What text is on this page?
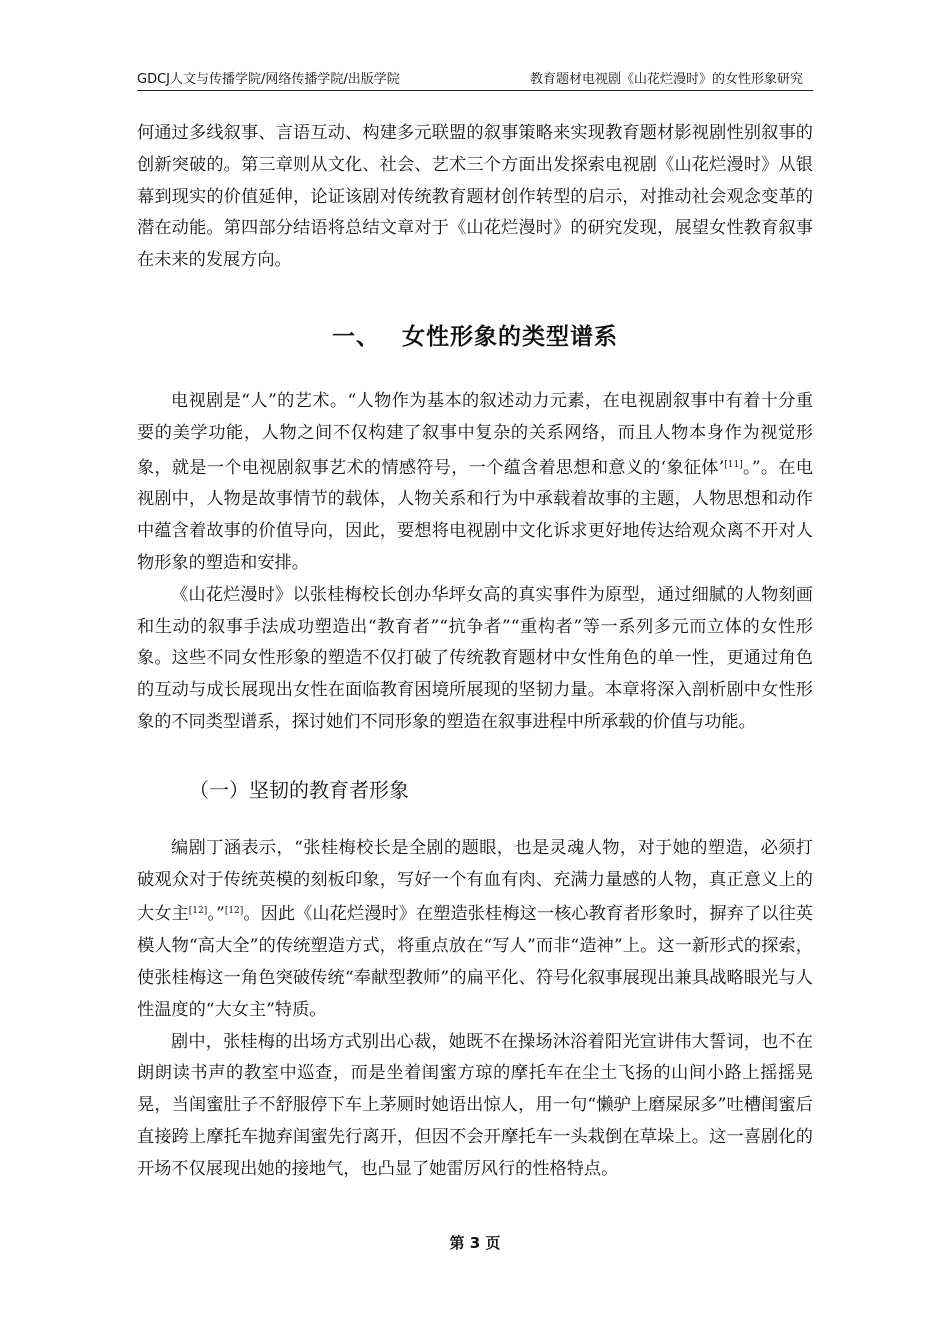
GDCJ人文与传播学院/网络传播学院/出版学院	教育题材电视剧《山花烂漫时》的女性形象研究

何通过多线叙事、言语互动、构建多元联盟的叙事策略来实现教育题材影视剧性别叙事的创新突破的。第三章则从文化、社会、艺术三个方面出发探索电视剧《山花烂漫时》从银幕到现实的价值延伸，论证该剧对传统教育题材创作转型的启示，对推动社会观念变革的潜在动能。第四部分结语将总结文章对于《山花烂漫时》的研究发现，展望女性教育叙事在未来的发展方向。

一、 女性形象的类型谱系

电视剧是“人”的艺术。“人物作为基本的叙述动力元素，在电视剧叙事中有着十分重要的美学功能，人物之间不仅构建了叙事中复杂的关系网络，而且人物本身作为视觉形象，就是一个电视剧叙事艺术的情感符号，一个蕴含着思想和意义的‘象征体’[11]。”。在电视剧中，人物是故事情节的载体，人物关系和行为中承载着故事的主题，人物思想和动作中蕴含着故事的价值导向，因此，要想将电视剧中文化诉求更好地传达给观众离不开对人物形象的塑造和安排。

《山花烂漫时》以张桂梅校长创办华坪女高的真实事件为原型，通过细腻的人物刻画和生动的叙事手法成功塑造出“教育者”“抗争者”“重构者”等一系列多元而立体的女性形象。这些不同女性形象的塑造不仅打破了传统教育题材中女性角色的单一性，更通过角色的互动与成长展现出女性在面临教育困境所展现的坚韧力量。本章将深入剖析剧中女性形象的不同类型谱系，探讨她们不同形象的塑造在叙事进程中所承载的价值与功能。

（一）坚韧的教育者形象

编剧丁涵表示，“张桂梅校长是全剧的题眼，也是灵魂人物，对于她的塑造，必须打破观众对于传统英模的刻板印象，写好一个有血有肉、充满力量感的人物，真正意义上的大女主[12]。”[12]。因此《山花烂漫时》在塑造张桂梅这一核心教育者形象时，摒弃了以往英模人物“高大全”的传统塑造方式，将重点放在“写人”而非“造神”上。这一新形式的探索，使张桂梅这一角色突破传统“奉献型教师”的扁平化、符号化叙事展现出兼具战略眼光与人性温度的“大女主”特质。

剧中，张桂梅的出场方式别出心裁，她既不在操场沐浴着阳光宣讲伟大誓词，也不在朗朗读书声的教室中巡查，而是坐着闺蜜方琼的摩托车在尘土飞扬的山间小路上摇摇晃晃，当闺蜜肚子不舒服停下车上茅厕时她语出惊人，用一句“懒驴上磨屎尿多”吐槽闺蜜后直接跨上摩托车抛弃闺蜜先行离开，但因不会开摩托车一头栽倒在草垛上。这一喜剧化的开场不仅展现出她的接地气，也凸显了她雷厉风行的性格特点。

第 3 页
